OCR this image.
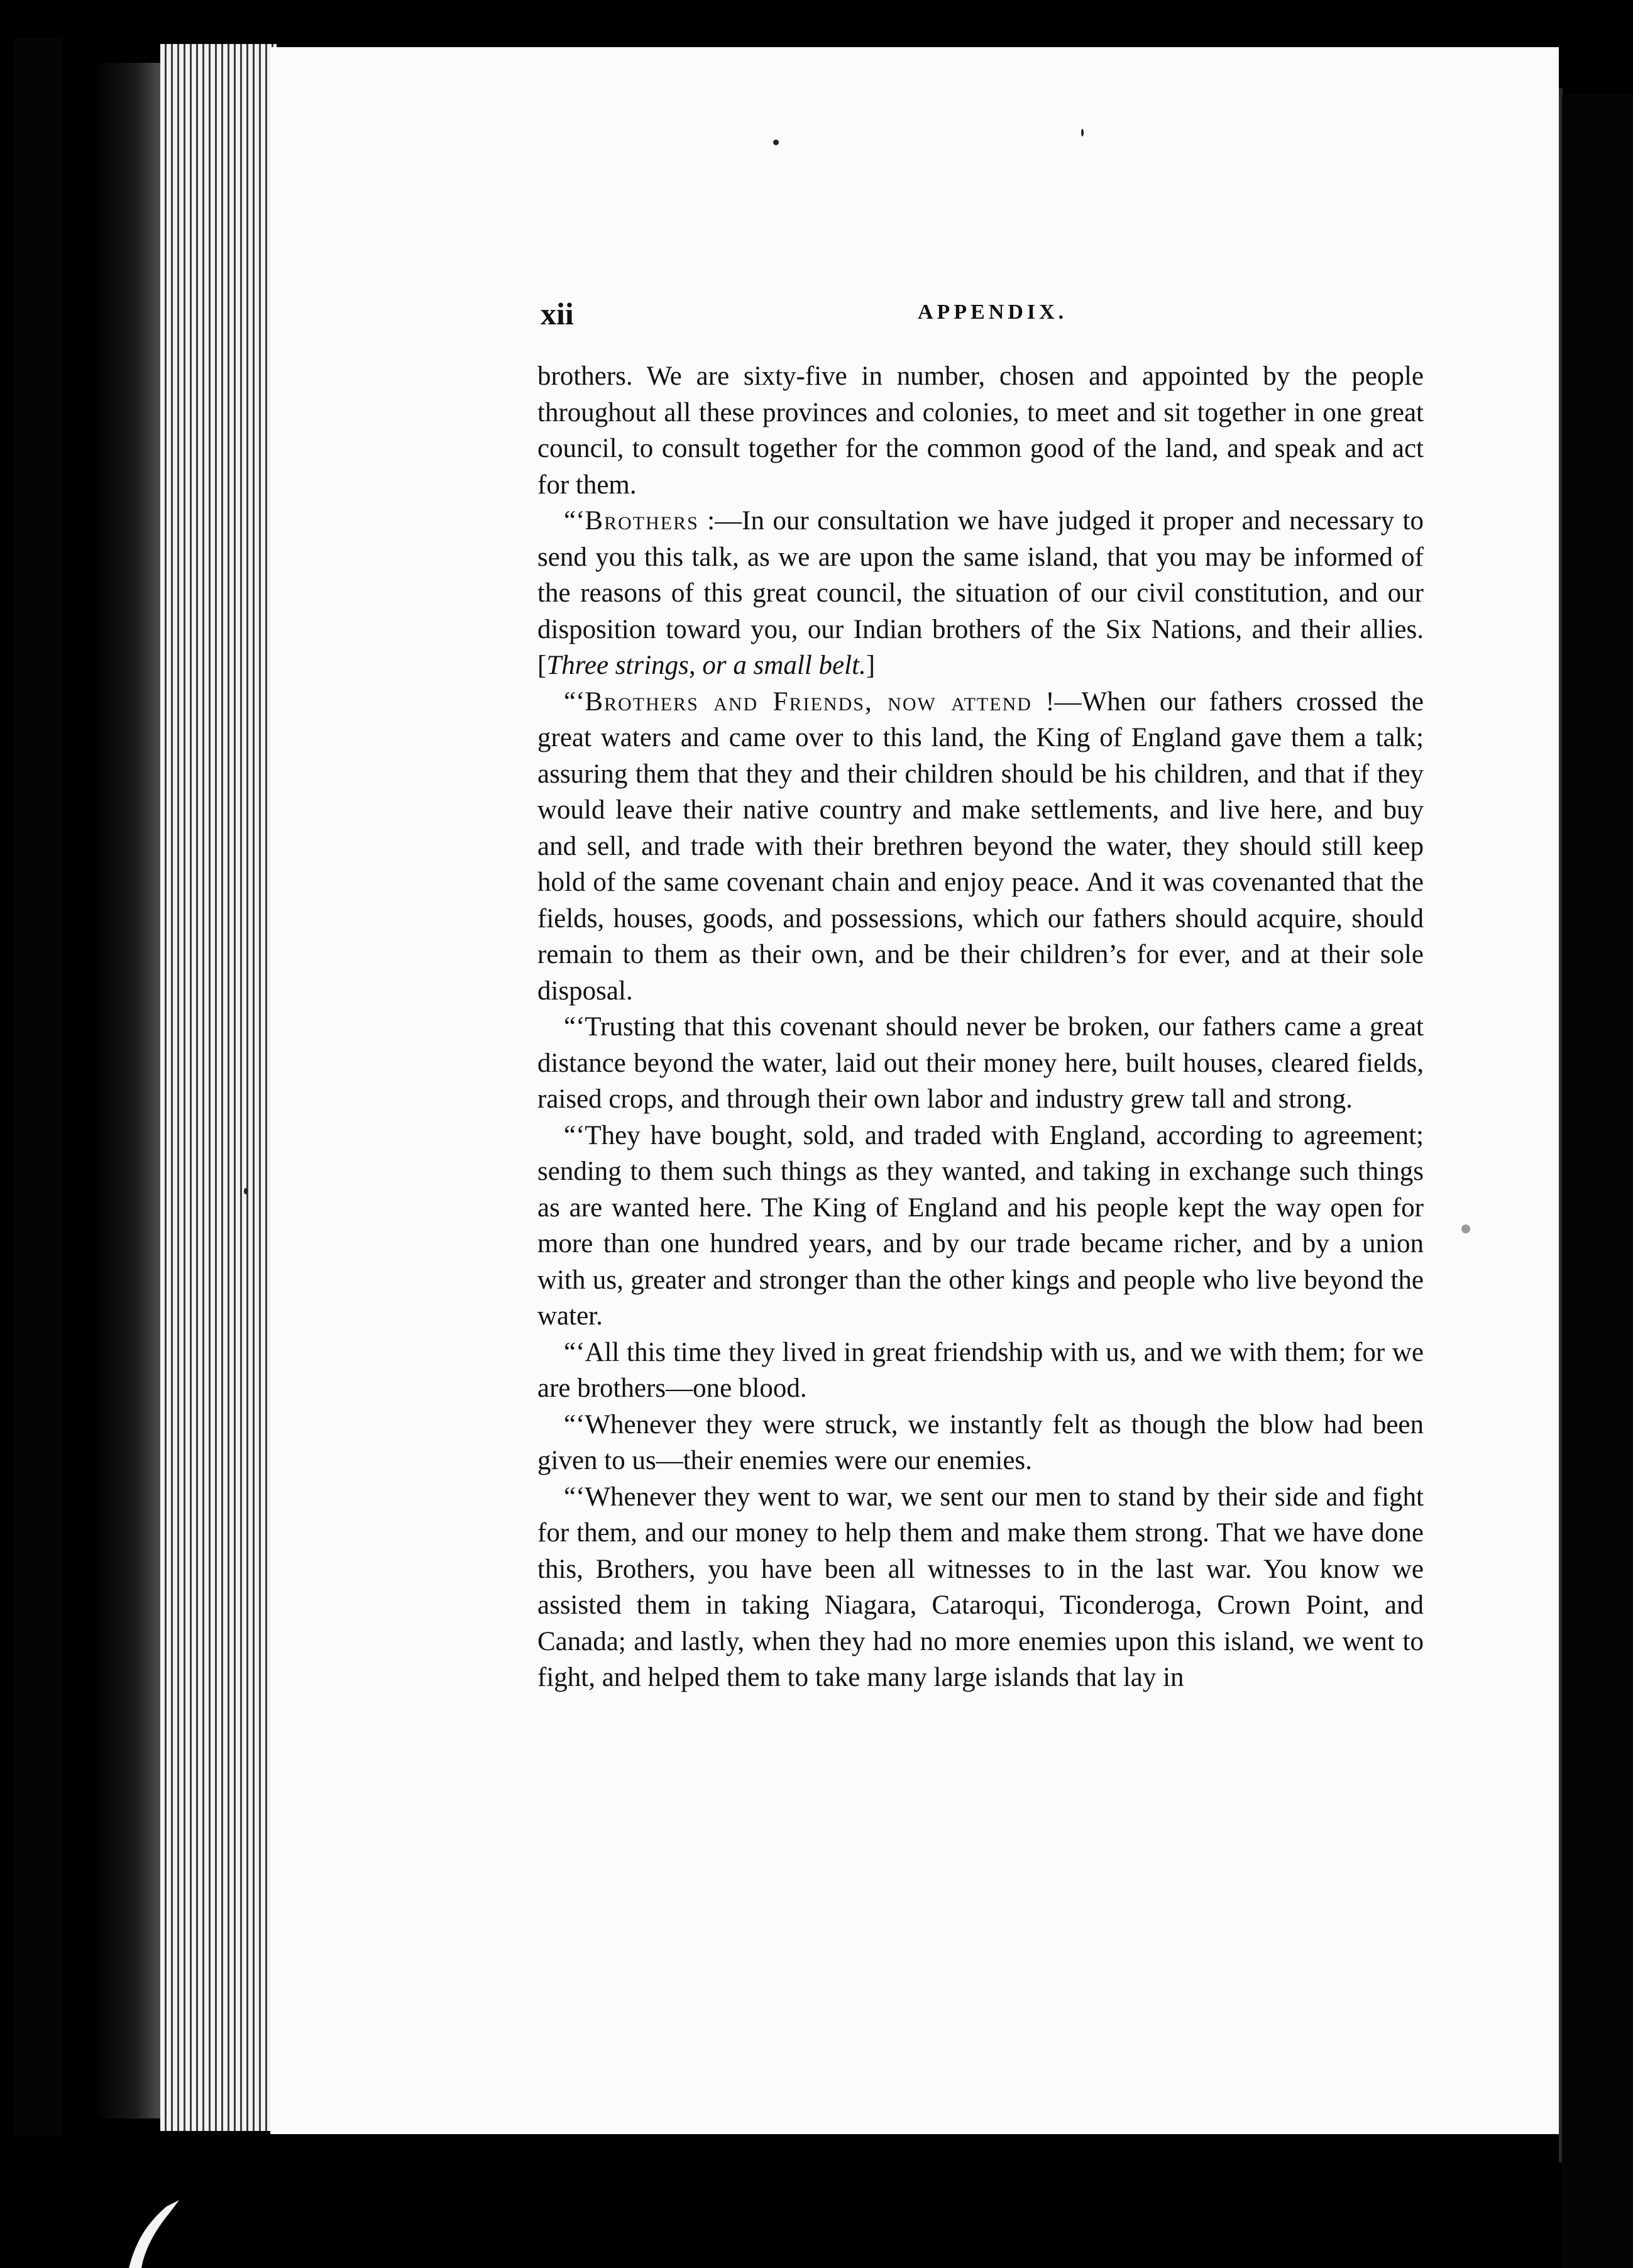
xii	APPENDIX.

brothers. We are sixty-five in number, chosen and appointed by the people throughout all these provinces and colonies, to meet and sit together in one great council, to consult together for the common good of the land, and speak and act for them.

“‘Brothers :—In our consultation we have judged it proper and necessary to send you this talk, as we are upon the same island, that you may be informed of the reasons of this great council, the situation of our civil constitution, and our disposition toward you, our Indian brothers of the Six Nations, and their allies. [Three strings, or a small belt.]

“‘Brothers and Friends, now attend !—When our fathers crossed the great waters and came over to this land, the King of England gave them a talk; assuring them that they and their children should be his children, and that if they would leave their native country and make settlements, and live here, and buy and sell, and trade with their brethren beyond the water, they should still keep hold of the same covenant chain and enjoy peace. And it was covenanted that the fields, houses, goods, and possessions, which our fathers should acquire, should remain to them as their own, and be their children’s for ever, and at their sole disposal.

“‘Trusting that this covenant should never be broken, our fathers came a great distance beyond the water, laid out their money here, built houses, cleared fields, raised crops, and through their own labor and industry grew tall and strong.

“‘They have bought, sold, and traded with England, according to agreement; sending to them such things as they wanted, and taking in exchange such things as are wanted here. The King of England and his people kept the way open for more than one hundred years, and by our trade became richer, and by a union with us, greater and stronger than the other kings and people who live beyond the water.

“‘All this time they lived in great friendship with us, and we with them; for we are brothers—one blood.

“‘Whenever they were struck, we instantly felt as though the blow had been given to us—their enemies were our enemies.

“‘Whenever they went to war, we sent our men to stand by their side and fight for them, and our money to help them and make them strong. That we have done this, Brothers, you have been all witnesses to in the last war. You know we assisted them in taking Niagara, Cataroqui, Ticonderoga, Crown Point, and Canada; and lastly, when they had no more enemies upon this island, we went to fight, and helped them to take many large islands that lay in
